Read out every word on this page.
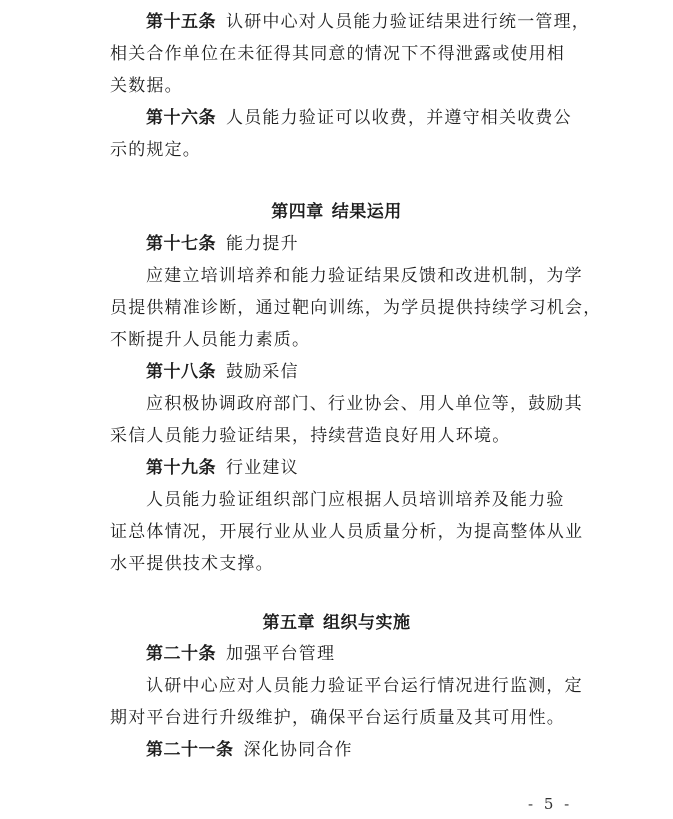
第十五条 认研中心对人员能力验证结果进行统一管理，
相关合作单位在未征得其同意的情况下不得泄露或使用相
关数据。
第十六条 人员能力验证可以收费，并遵守相关收费公
示的规定。
第四章 结果运用
第十七条 能力提升
应建立培训培养和能力验证结果反馈和改进机制，为学
员提供精准诊断，通过靶向训练，为学员提供持续学习机会，
不断提升人员能力素质。
第十八条 鼓励采信
应积极协调政府部门、行业协会、用人单位等，鼓励其
采信人员能力验证结果，持续营造良好用人环境。
第十九条 行业建议
人员能力验证组织部门应根据人员培训培养及能力验
证总体情况，开展行业从业人员质量分析，为提高整体从业
水平提供技术支撑。
第五章 组织与实施
第二十条 加强平台管理
认研中心应对人员能力验证平台运行情况进行监测，定
期对平台进行升级维护，确保平台运行质量及其可用性。
第二十一条 深化协同合作
- 5 -
